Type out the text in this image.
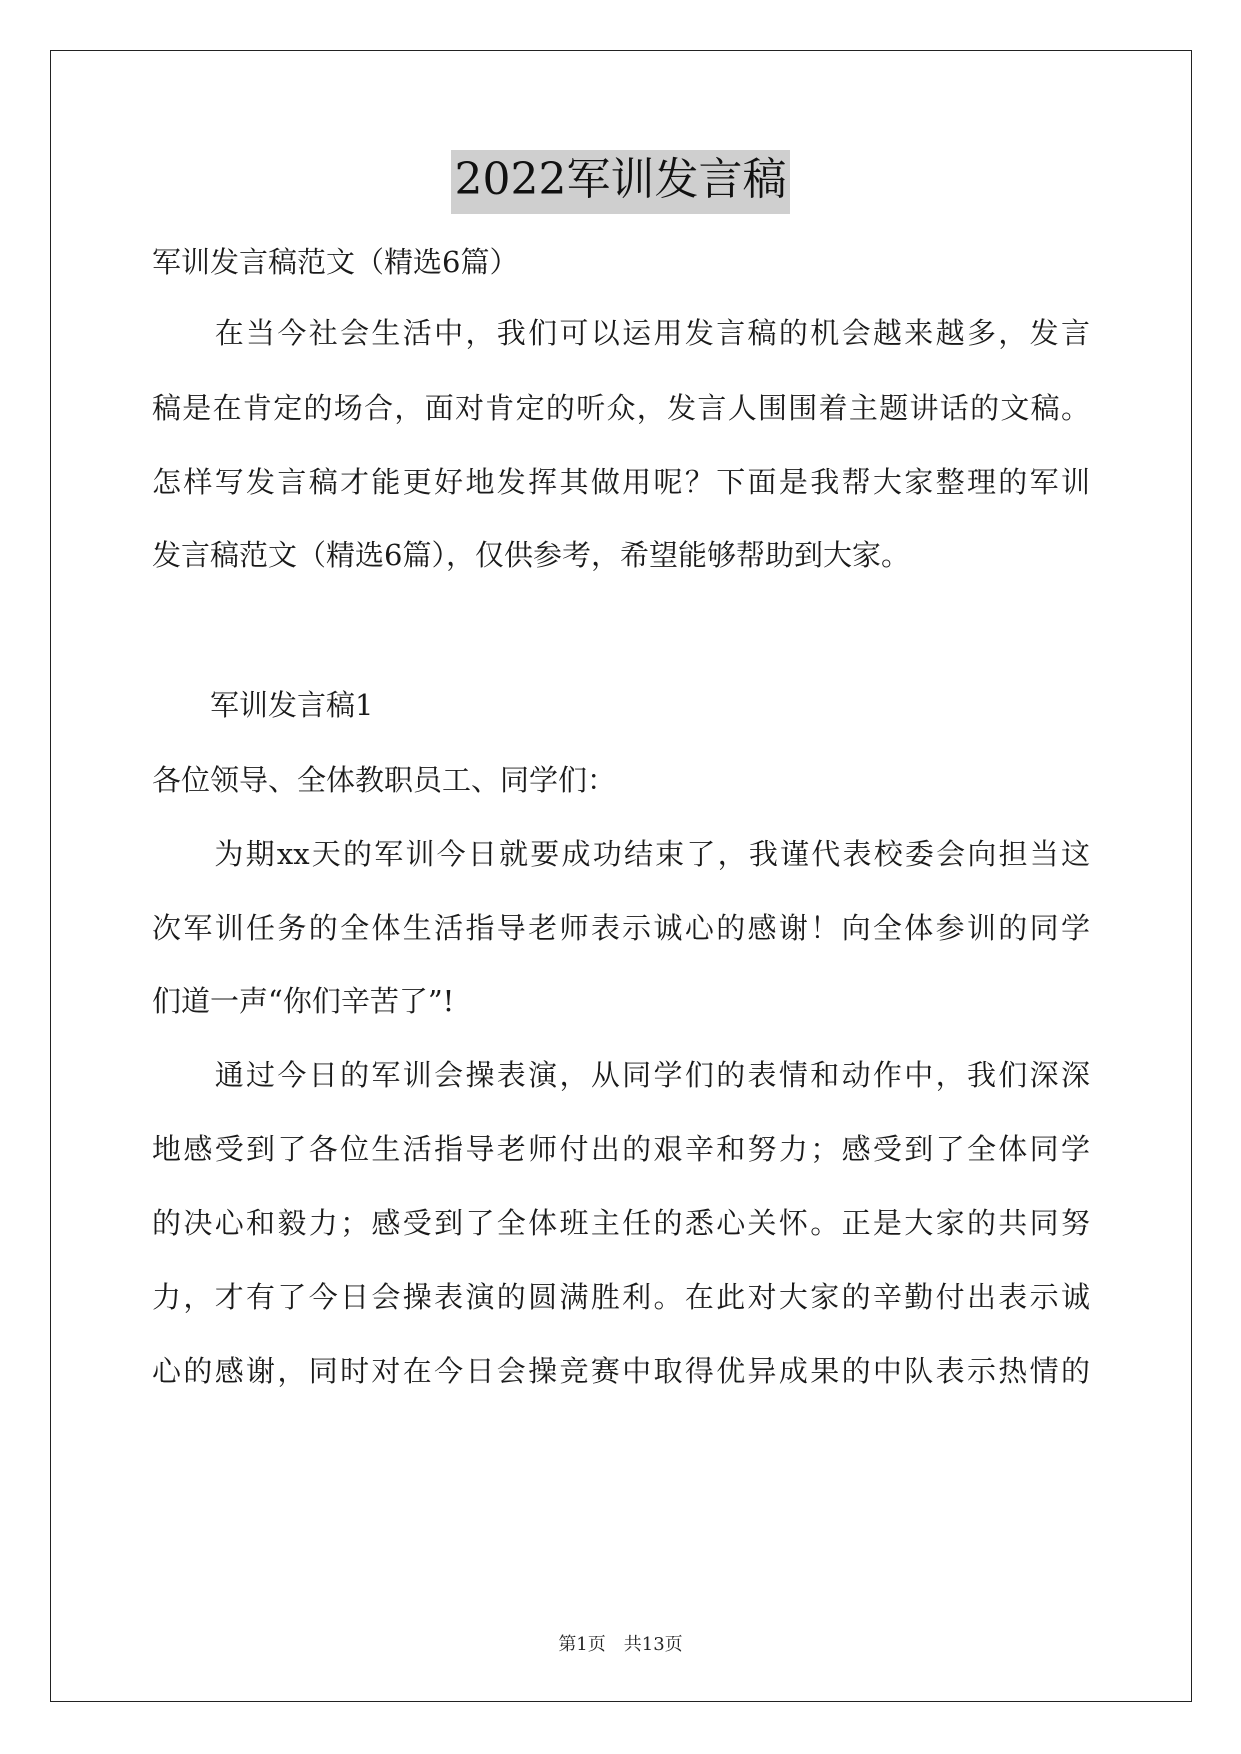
2022军训发言稿
军训发言稿范文（精选6篇）
　　在当今社会生活中，我们可以运用发言稿的机会越来越多，发言
稿是在肯定的场合，面对肯定的听众，发言人围围着主题讲话的文稿。
怎样写发言稿才能更好地发挥其做用呢？下面是我帮大家整理的军训
发言稿范文（精选6篇），仅供参考，希望能够帮助到大家。
　　军训发言稿1
各位领导、全体教职员工、同学们：
　　为期xx天的军训今日就要成功结束了，我谨代表校委会向担当这
次军训任务的全体生活指导老师表示诚心的感谢！向全体参训的同学
们道一声“你们辛苦了”!
　　通过今日的军训会操表演，从同学们的表情和动作中，我们深深
地感受到了各位生活指导老师付出的艰辛和努力；感受到了全体同学
的决心和毅力；感受到了全体班主任的悉心关怀。正是大家的共同努
力，才有了今日会操表演的圆满胜利。在此对大家的辛勤付出表示诚
心的感谢，同时对在今日会操竞赛中取得优异成果的中队表示热情的
第1页　共13页
